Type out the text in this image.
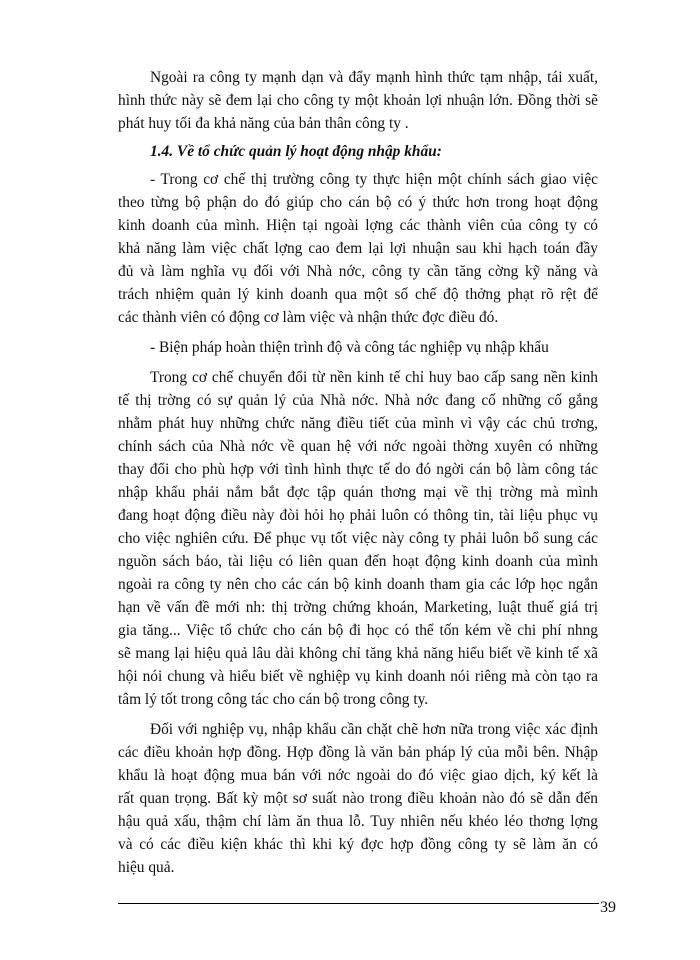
Ngoài ra công ty mạnh dạn và đẩy mạnh hình thức tạm nhập, tái xuất,
hình thức này sẽ đem lại cho công ty một khoản lợi nhuận lớn. Đồng thời sẽ
phát huy tối đa khả năng của bản thân công ty .
1.4. Về tổ chức quản lý hoạt động nhập khẩu:
- Trong cơ chế thị trường công ty thực hiện một chính sách giao việc
theo từng bộ phận do đó giúp cho cán bộ có ý thức hơn trong hoạt động
kinh doanh của mình. Hiện tại ngoài lợng các thành viên của công ty có
khả năng làm việc chất lợng cao đem lại lợi nhuận sau khi hạch toán đầy
đủ và làm nghĩa vụ đối với Nhà nớc, công ty cần tăng cờng kỹ năng và
trách nhiệm quản lý kinh doanh qua một số chế độ thởng phạt rõ rệt để
các thành viên có động cơ làm việc và nhận thức đợc điều đó.
- Biện pháp hoàn thiện trình độ và công tác nghiệp vụ nhập khẩu
Trong cơ chế chuyển đổi từ nền kinh tế chỉ huy bao cấp sang nền kinh
tế thị trờng có sự quản lý của Nhà nớc. Nhà nớc đang cố những cố gắng
nhằm phát huy những chức năng điều tiết của mình vì vậy các chủ trơng,
chính sách của Nhà nớc về quan hệ với nớc ngoài thờng xuyên có những
thay đổi cho phù hợp với tình hình thực tế do đó ngời cán bộ làm công tác
nhập khẩu phải nắm bắt đợc tập quán thơng mại về thị trờng mà mình
đang hoạt động điều này đòi hỏi họ phải luôn có thông tin, tài liệu phục vụ
cho việc nghiên cứu. Để phục vụ tốt việc này công ty phải luôn bổ sung các
nguồn sách báo, tài liệu có liên quan đến hoạt động kinh doanh của mình
ngoài ra công ty nên cho các cán bộ kinh doanh tham gia các lớp học ngắn
hạn về vấn đề mới nh: thị trờng chứng khoán, Marketing, luật thuế giá trị
gia tăng... Việc tổ chức cho cán bộ đi học có thể tốn kém về chi phí nhng
sẽ mang lại hiệu quả lâu dài không chỉ tăng khả năng hiểu biết về kinh tế xã
hội nói chung và hiểu biết về nghiệp vụ kinh doanh nói riêng mà còn tạo ra
tâm lý tốt trong công tác cho cán bộ trong công ty.
Đối với nghiệp vụ, nhập khẩu cần chặt chẽ hơn nữa trong việc xác định
các điều khoản hợp đồng. Hợp đồng là văn bản pháp lý của mỗi bên. Nhập
khẩu là hoạt động mua bán với nớc ngoài do đó việc giao dịch, ký kết là
rất quan trọng. Bất kỳ một sơ suất nào trong điều khoản nào đó sẽ dẫn đến
hậu quả xấu, thậm chí làm ăn thua lỗ. Tuy nhiên nếu khéo léo thơng lợng
và có các điều kiện khác thì khi ký đợc hợp đồng công ty sẽ làm ăn có
hiệu quả.
39
